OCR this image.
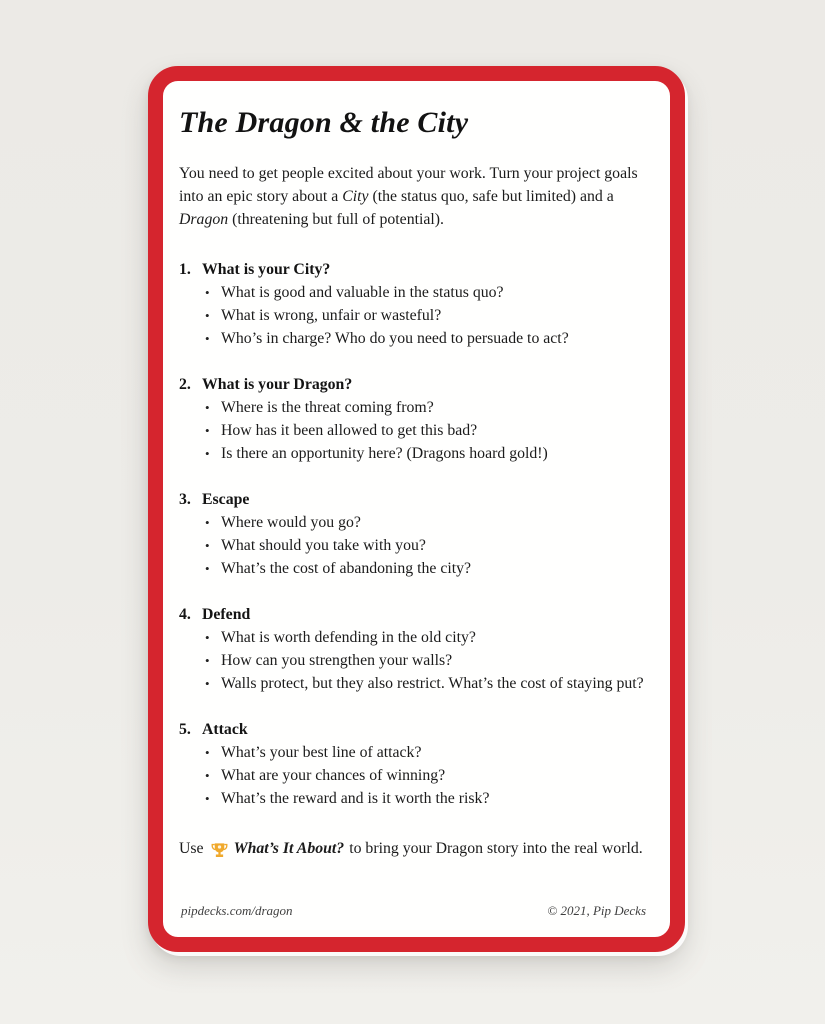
The Dragon & the City

You need to get people excited about your work. Turn your project goals into an epic story about a City (the status quo, safe but limited) and a Dragon (threatening but full of potential).

1. What is your City?
• What is good and valuable in the status quo?
• What is wrong, unfair or wasteful?
• Who’s in charge? Who do you need to persuade to act?
2. What is your Dragon?
• Where is the threat coming from?
• How has it been allowed to get this bad?
• Is there an opportunity here? (Dragons hoard gold!)
3. Escape
• Where would you go?
• What should you take with you?
• What’s the cost of abandoning the city?
4. Defend
• What is worth defending in the old city?
• How can you strengthen your walls?
• Walls protect, but they also restrict. What’s the cost of staying put?
5. Attack
• What’s your best line of attack?
• What are your chances of winning?
• What’s the reward and is it worth the risk?

Use What’s It About? to bring your Dragon story into the real world.

pipdecks.com/dragon	© 2021, Pip Decks
